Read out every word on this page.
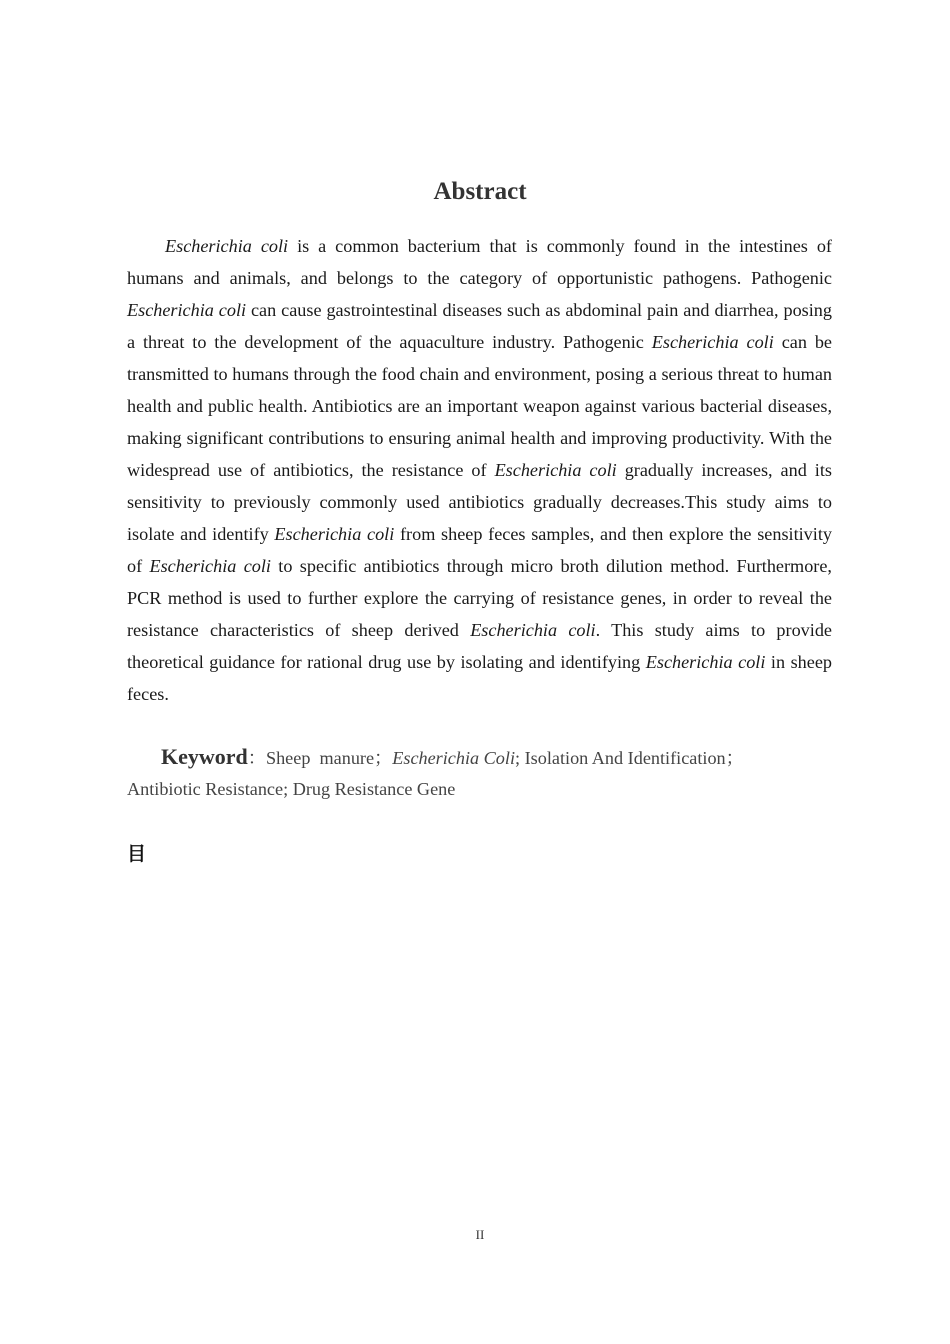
Abstract

Escherichia coli is a common bacterium that is commonly found in the intestines of humans and animals, and belongs to the category of opportunistic pathogens. Pathogenic Escherichia coli can cause gastrointestinal diseases such as abdominal pain and diarrhea, posing a threat to the development of the aquaculture industry. Pathogenic Escherichia coli can be transmitted to humans through the food chain and environment, posing a serious threat to human health and public health. Antibiotics are an important weapon against various bacterial diseases, making significant contributions to ensuring animal health and improving productivity. With the widespread use of antibiotics, the resistance of Escherichia coli gradually increases, and its sensitivity to previously commonly used antibiotics gradually decreases.This study aims to isolate and identify Escherichia coli from sheep feces samples, and then explore the sensitivity of Escherichia coli to specific antibiotics through micro broth dilution method. Furthermore, PCR method is used to further explore the carrying of resistance genes, in order to reveal the resistance characteristics of sheep derived Escherichia coli. This study aims to provide theoretical guidance for rational drug use by isolating and identifying Escherichia coli in sheep feces.

Keyword：Sheep  manure；Escherichia Coli; Isolation And Identification；Antibiotic Resistance; Drug Resistance Gene

目
II
